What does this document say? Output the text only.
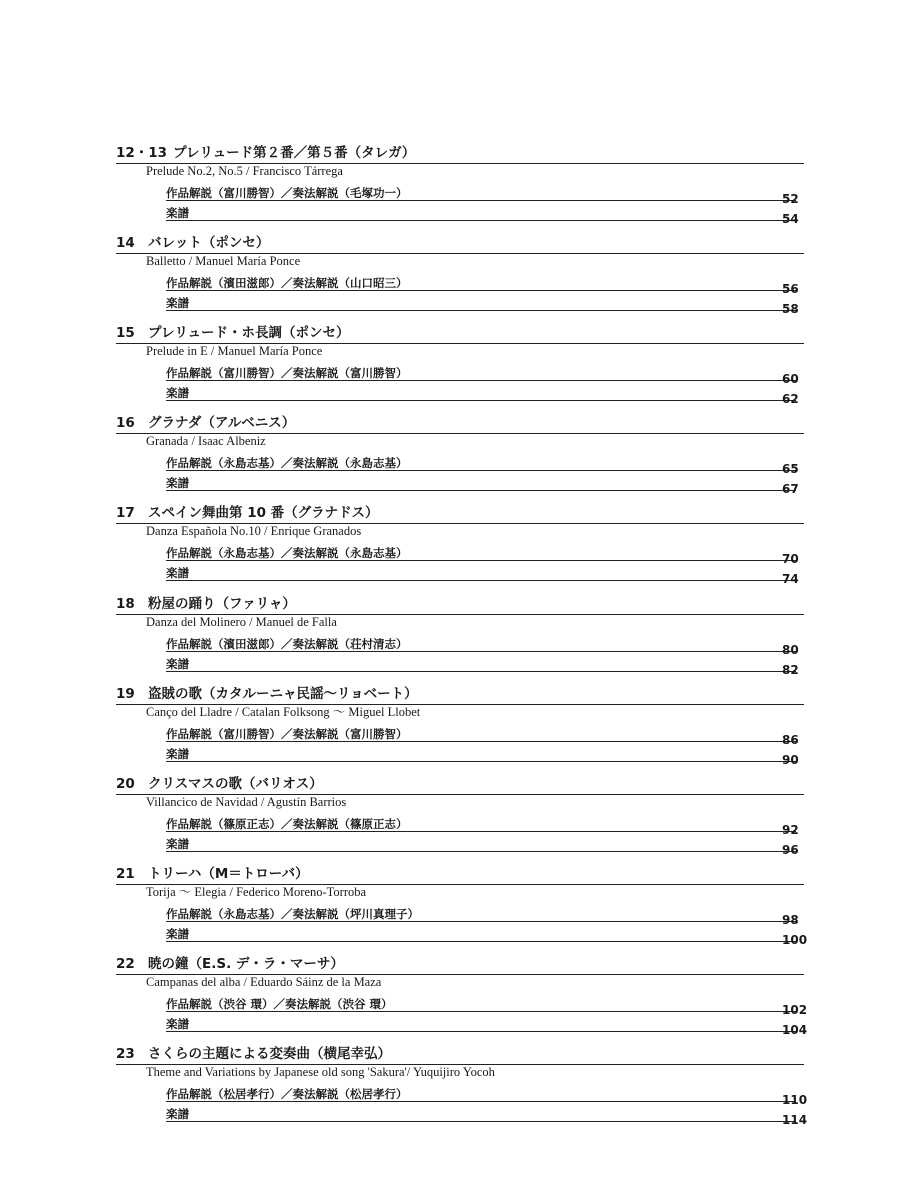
12・13 プレリュード第２番／第５番（タレガ）
Prelude No.2, No.5 / Francisco Tárrega
作品解説（富川勝智）／奏法解説（毛塚功一）	52
楽譜	54
14 バレット（ポンセ）
Balletto / Manuel María Ponce
作品解説（濱田滋郎）／奏法解説（山口昭三）	56
楽譜	58
15 プレリュード・ホ長調（ポンセ）
Prelude in E / Manuel María Ponce
作品解説（富川勝智）／奏法解説（富川勝智）	60
楽譜	62
16 グラナダ（アルベニス）
Granada / Isaac Albeniz
作品解説（永島志基）／奏法解説（永島志基）	65
楽譜	67
17 スペイン舞曲第 10 番（グラナドス）
Danza Española No.10 / Enrique Granados
作品解説（永島志基）／奏法解説（永島志基）	70
楽譜	74
18 粉屋の踊り（ファリャ）
Danza del Molinero / Manuel de Falla
作品解説（濱田滋郎）／奏法解説（荘村清志）	80
楽譜	82
19 盗賊の歌（カタルーニャ民謡～リョベート）
Canço del Lladre / Catalan Folksong 〜 Miguel Llobet
作品解説（富川勝智）／奏法解説（富川勝智）	86
楽譜	90
20 クリスマスの歌（バリオス）
Villancico de Navidad / Agustín Barrios
作品解説（篠原正志）／奏法解説（篠原正志）	92
楽譜	96
21 トリーハ（M＝トローバ）
Torija 〜 Elegia / Federico Moreno-Torroba
作品解説（永島志基）／奏法解説（坪川真理子）	98
楽譜	100
22 暁の鐘（E.S. デ・ラ・マーサ）
Campanas del alba / Eduardo Sáinz de la Maza
作品解説（渋谷 環）／奏法解説（渋谷 環）	102
楽譜	104
23 さくらの主題による変奏曲（横尾幸弘）
Theme and Variations by Japanese old song 'Sakura'/ Yuquijiro Yocoh
作品解説（松居孝行）／奏法解説（松居孝行）	110
楽譜	114
